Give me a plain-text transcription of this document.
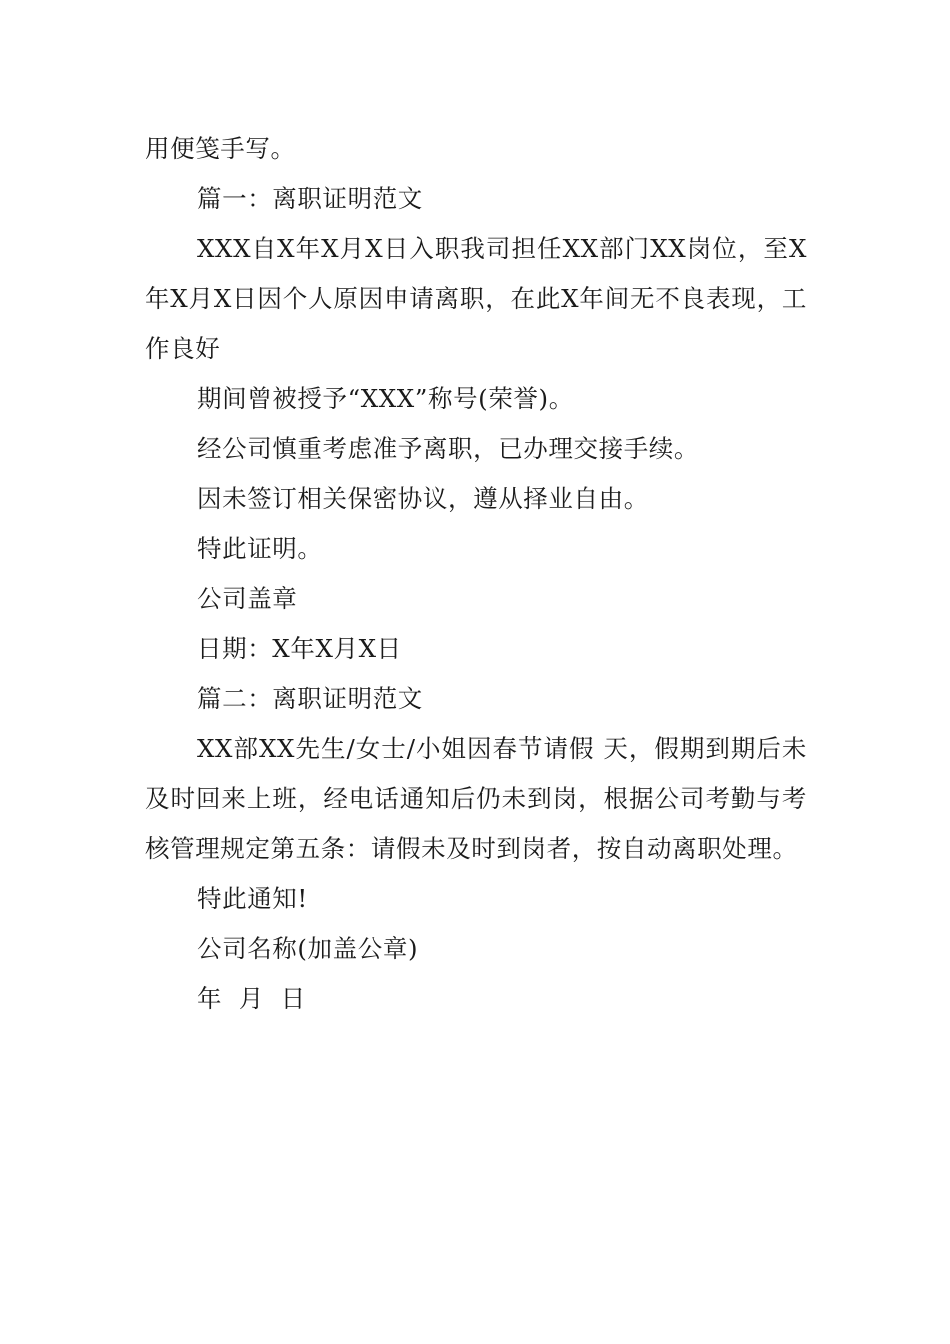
用便笺手写。

篇一：离职证明范文

XXX自X年X月X日入职我司担任XX部门XX岗位，至X年X月X日因个人原因申请离职，在此X年间无不良表现，工作良好

期间曾被授予“XXX”称号(荣誉)。

经公司慎重考虑准予离职，已办理交接手续。

因未签订相关保密协议，遵从择业自由。

特此证明。

公司盖章

日期：X年X月X日

篇二：离职证明范文

XX部XX先生/女士/小姐因春节请假 天，假期到期后未及时回来上班，经电话通知后仍未到岗，根据公司考勤与考核管理规定第五条：请假未及时到岗者，按自动离职处理。

特此通知!

公司名称(加盖公章)

年  月  日
